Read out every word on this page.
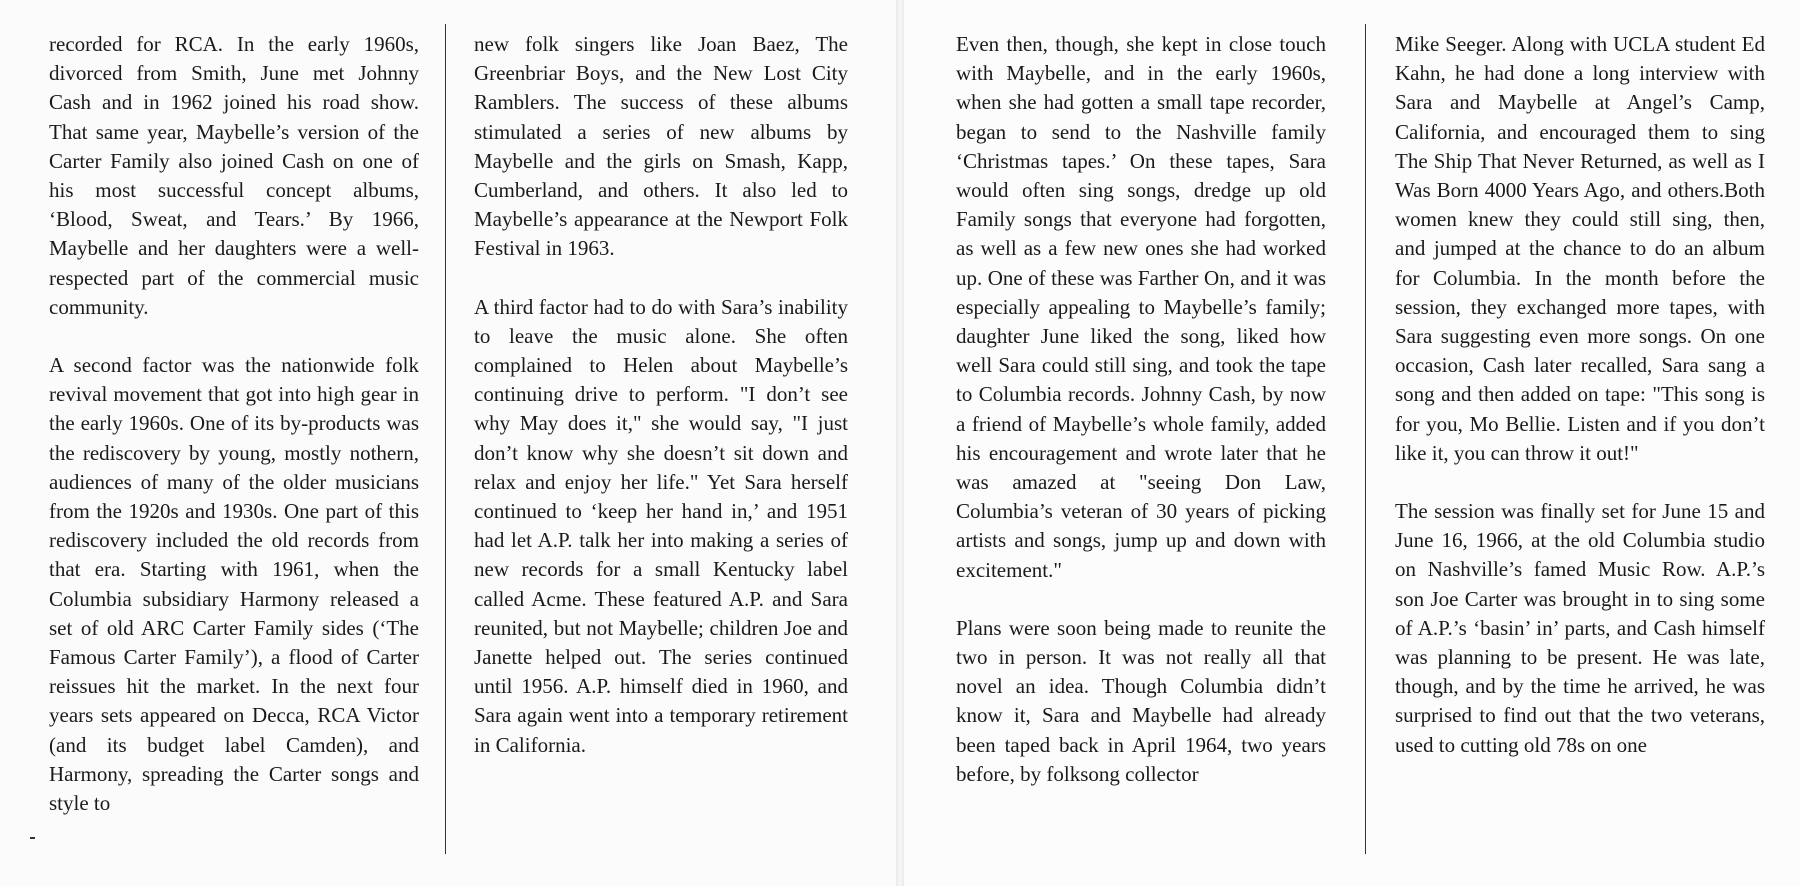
recorded for RCA. In the early 1960s, divorced from Smith, June met Johnny Cash and in 1962 joined his road show. That same year, Maybelle’s version of the Carter Family also joined Cash on one of his most successful concept albums, ‘Blood, Sweat, and Tears.’ By 1966, Maybelle and her daughters were a well-respected part of the commercial music community.

A second factor was the nationwide folk revival movement that got into high gear in the early 1960s. One of its by-products was the rediscovery by young, mostly nothern, audiences of many of the older musicians from the 1920s and 1930s. One part of this rediscovery included the old records from that era. Starting with 1961, when the Columbia subsidiary Harmony released a set of old ARC Carter Family sides (‘The Famous Carter Family’), a flood of Carter reissues hit the market. In the next four years sets appeared on Decca, RCA Victor (and its budget label Camden), and Harmony, spreading the Carter songs and style to

new folk singers like Joan Baez, The Greenbriar Boys, and the New Lost City Ramblers. The success of these albums stimulated a series of new albums by Maybelle and the girls on Smash, Kapp, Cumberland, and others. It also led to Maybelle’s appearance at the Newport Folk Festival in 1963.

A third factor had to do with Sara’s inability to leave the music alone. She often complained to Helen about Maybelle’s continuing drive to perform. "I don’t see why May does it," she would say, "I just don’t know why she doesn’t sit down and relax and enjoy her life." Yet Sara herself continued to ‘keep her hand in,’ and 1951 had let A.P. talk her into making a series of new records for a small Kentucky label called Acme. These featured A.P. and Sara reunited, but not Maybelle; children Joe and Janette helped out. The series continued until 1956. A.P. himself died in 1960, and Sara again went into a temporary retirement in California.

Even then, though, she kept in close touch with Maybelle, and in the early 1960s, when she had gotten a small tape recorder, began to send to the Nashville family ‘Christmas tapes.’ On these tapes, Sara would often sing songs, dredge up old Family songs that everyone had forgotten, as well as a few new ones she had worked up. One of these was Farther On, and it was especially appealing to Maybelle’s family; daughter June liked the song, liked how well Sara could still sing, and took the tape to Columbia records. Johnny Cash, by now a friend of Maybelle’s whole family, added his encouragement and wrote later that he was amazed at "seeing Don Law, Columbia’s veteran of 30 years of picking artists and songs, jump up and down with excitement."

Plans were soon being made to reunite the two in person. It was not really all that novel an idea. Though Columbia didn’t know it, Sara and Maybelle had already been taped back in April 1964, two years before, by folksong collector

Mike Seeger. Along with UCLA student Ed Kahn, he had done a long interview with Sara and Maybelle at Angel’s Camp, California, and encouraged them to sing The Ship That Never Returned, as well as I Was Born 4000 Years Ago, and others.Both women knew they could still sing, then, and jumped at the chance to do an album for Columbia. In the month before the session, they exchanged more tapes, with Sara suggesting even more songs. On one occasion, Cash later recalled, Sara sang a song and then added on tape: "This song is for you, Mo Bellie. Listen and if you don’t like it, you can throw it out!"

The session was finally set for June 15 and June 16, 1966, at the old Columbia studio on Nashville’s famed Music Row. A.P.’s son Joe Carter was brought in to sing some of A.P.’s ‘basin’ in’ parts, and Cash himself was planning to be present. He was late, though, and by the time he arrived, he was surprised to find out that the two veterans, used to cutting old 78s on one
